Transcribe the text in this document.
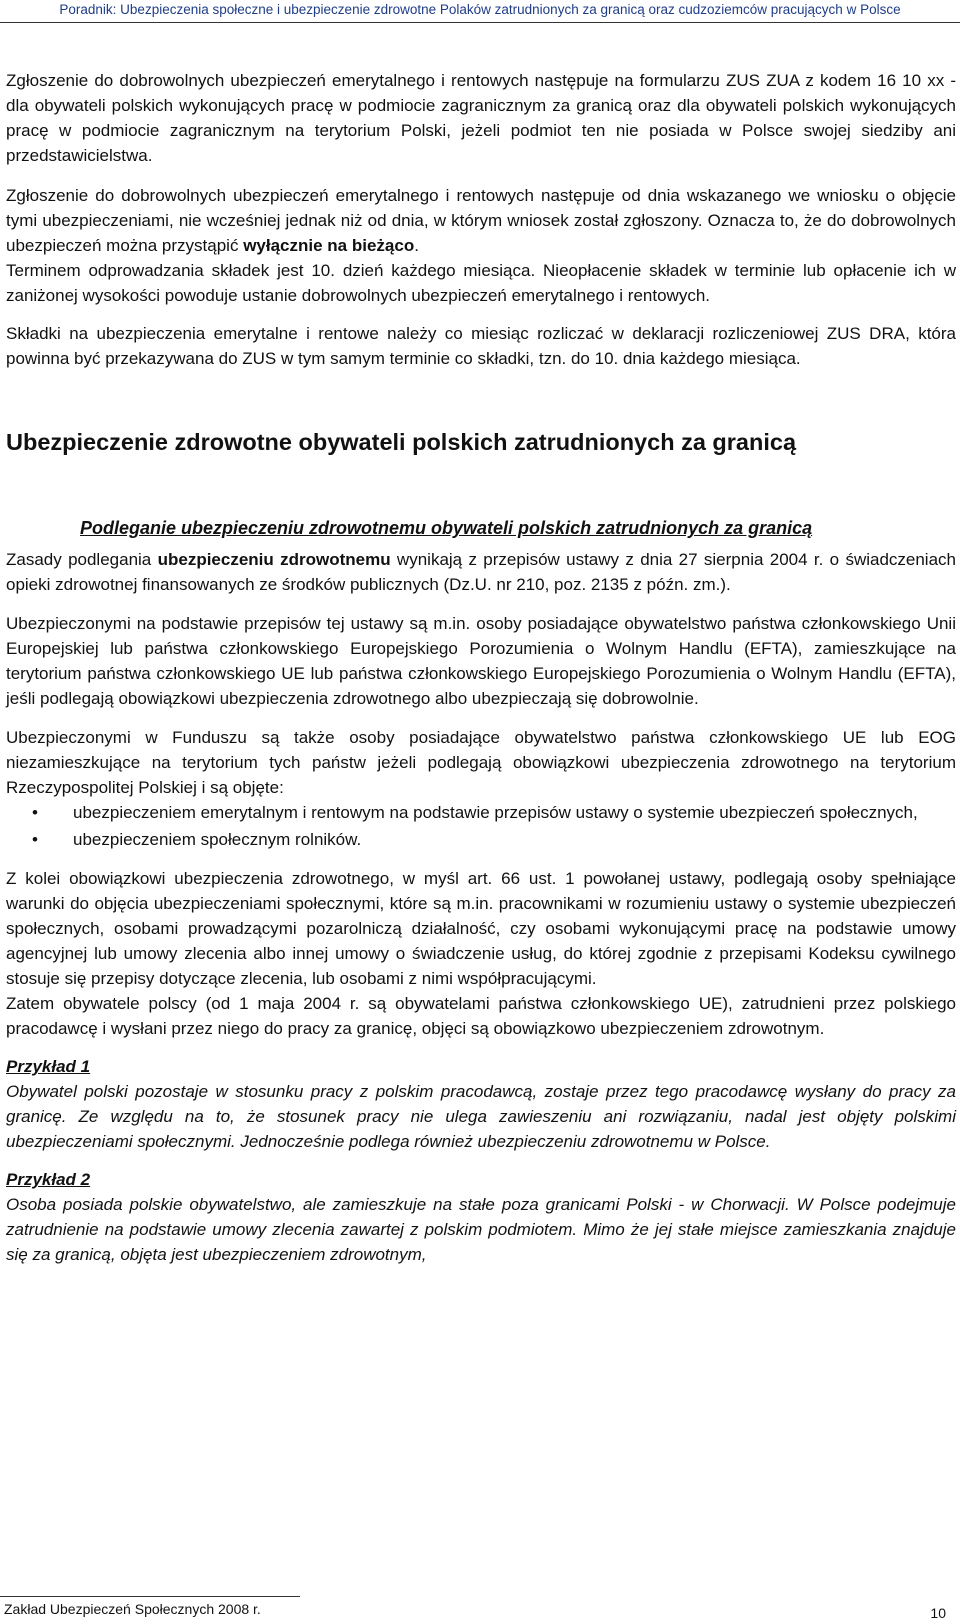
Poradnik: Ubezpieczenia społeczne i ubezpieczenie zdrowotne Polaków zatrudnionych za granicą oraz cudzoziemców pracujących w Polsce

Zgłoszenie do dobrowolnych ubezpieczeń emerytalnego i rentowych następuje na formularzu ZUS ZUA z kodem 16 10 xx - dla obywateli polskich wykonujących pracę w podmiocie zagranicznym za granicą oraz dla obywateli polskich wykonujących pracę w podmiocie zagranicznym na terytorium Polski, jeżeli podmiot ten nie posiada w Polsce swojej siedziby ani przedstawicielstwa.

Zgłoszenie do dobrowolnych ubezpieczeń emerytalnego i rentowych następuje od dnia wskazanego we wniosku o objęcie tymi ubezpieczeniami, nie wcześniej jednak niż od dnia, w którym wniosek został zgłoszony. Oznacza to, że do dobrowolnych ubezpieczeń można przystąpić wyłącznie na bieżąco.

Terminem odprowadzania składek jest 10. dzień każdego miesiąca. Nieopłacenie składek w terminie lub opłacenie ich w zaniżonej wysokości powoduje ustanie dobrowolnych ubezpieczeń emerytalnego i rentowych.

Składki na ubezpieczenia emerytalne i rentowe należy co miesiąc rozliczać w deklaracji rozliczeniowej ZUS DRA, która powinna być przekazywana do ZUS w tym samym terminie co składki, tzn. do 10. dnia każdego miesiąca.

Ubezpieczenie zdrowotne obywateli polskich zatrudnionych za granicą
Podleganie ubezpieczeniu zdrowotnemu obywateli polskich zatrudnionych za granicą

Zasady podlegania ubezpieczeniu zdrowotnemu wynikają z przepisów ustawy z dnia 27 sierpnia 2004 r. o świadczeniach opieki zdrowotnej finansowanych ze środków publicznych (Dz.U. nr 210, poz. 2135 z późn. zm.).

Ubezpieczonymi na podstawie przepisów tej ustawy są m.in. osoby posiadające obywatelstwo państwa członkowskiego Unii Europejskiej lub państwa członkowskiego Europejskiego Porozumienia o Wolnym Handlu (EFTA), zamieszkujące na terytorium państwa członkowskiego UE lub państwa członkowskiego Europejskiego Porozumienia o Wolnym Handlu (EFTA), jeśli podlegają obowiązkowi ubezpieczenia zdrowotnego albo ubezpieczają się dobrowolnie.

Ubezpieczonymi w Funduszu są także osoby posiadające obywatelstwo państwa członkowskiego UE lub EOG niezamieszkujące na terytorium tych państw jeżeli podlegają obowiązkowi ubezpieczenia zdrowotnego na terytorium Rzeczypospolitej Polskiej i są objęte:

• ubezpieczeniem emerytalnym i rentowym na podstawie przepisów ustawy o systemie ubezpieczeń społecznych,
• ubezpieczeniem społecznym rolników.

Z kolei obowiązkowi ubezpieczenia zdrowotnego, w myśl art. 66 ust. 1 powołanej ustawy, podlegają osoby spełniające warunki do objęcia ubezpieczeniami społecznymi, które są m.in. pracownikami w rozumieniu ustawy o systemie ubezpieczeń społecznych, osobami prowadzącymi pozarolniczą działalność, czy osobami wykonującymi pracę na podstawie umowy agencyjnej lub umowy zlecenia albo innej umowy o świadczenie usług, do której zgodnie z przepisami Kodeksu cywilnego stosuje się przepisy dotyczące zlecenia, lub osobami z nimi współpracującymi.

Zatem obywatele polscy (od 1 maja 2004 r. są obywatelami państwa członkowskiego UE), zatrudnieni przez polskiego pracodawcę i wysłani przez niego do pracy za granicę, objęci są obowiązkowo ubezpieczeniem zdrowotnym.

Przykład 1

Obywatel polski pozostaje w stosunku pracy z polskim pracodawcą, zostaje przez tego pracodawcę wysłany do pracy za granicę. Ze względu na to, że stosunek pracy nie ulega zawieszeniu ani rozwiązaniu, nadal jest objęty polskimi ubezpieczeniami społecznymi. Jednocześnie podlega również ubezpieczeniu zdrowotnemu w Polsce.

Przykład 2

Osoba posiada polskie obywatelstwo, ale zamieszkuje na stałe poza granicami Polski - w Chorwacji. W Polsce podejmuje zatrudnienie na podstawie umowy zlecenia zawartej z polskim podmiotem. Mimo że jej stałe miejsce zamieszkania znajduje się za granicą, objęta jest ubezpieczeniem zdrowotnym,

Zakład Ubezpieczeń Społecznych 2008 r.	10
